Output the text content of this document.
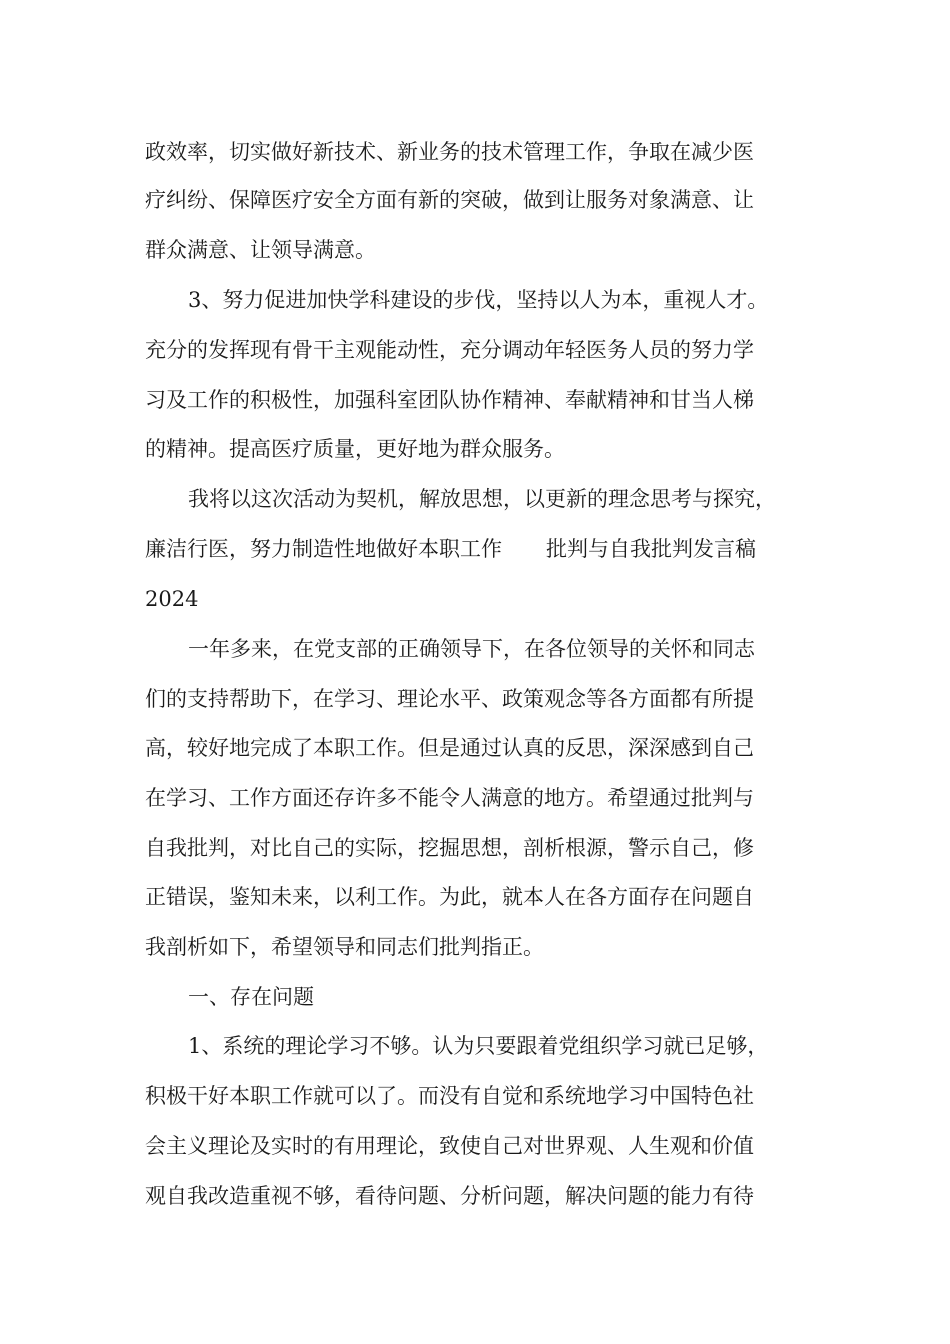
政效率，切实做好新技术、新业务的技术管理工作，争取在减少医
疗纠纷、保障医疗安全方面有新的突破，做到让服务对象满意、让
群众满意、让领导满意。
3、努力促进加快学科建设的步伐，坚持以人为本，重视人才。
充分的发挥现有骨干主观能动性，充分调动年轻医务人员的努力学
习及工作的积极性，加强科室团队协作精神、奉献精神和甘当人梯
的精神。提高医疗质量，更好地为群众服务。
我将以这次活动为契机，解放思想，以更新的理念思考与探究，
廉洁行医，努力制造性地做好本职工作 批判与自我批判发言稿
2024
一年多来，在党支部的正确领导下，在各位领导的关怀和同志
们的支持帮助下，在学习、理论水平、政策观念等各方面都有所提
高，较好地完成了本职工作。但是通过认真的反思，深深感到自己
在学习、工作方面还存许多不能令人满意的地方。希望通过批判与
自我批判，对比自己的实际，挖掘思想，剖析根源，警示自己，修
正错误，鉴知未来，以利工作。为此，就本人在各方面存在问题自
我剖析如下，希望领导和同志们批判指正。
一、存在问题
1、系统的理论学习不够。认为只要跟着党组织学习就已足够，
积极干好本职工作就可以了。而没有自觉和系统地学习中国特色社
会主义理论及实时的有用理论，致使自己对世界观、人生观和价值
观自我改造重视不够，看待问题、分析问题，解决问题的能力有待
